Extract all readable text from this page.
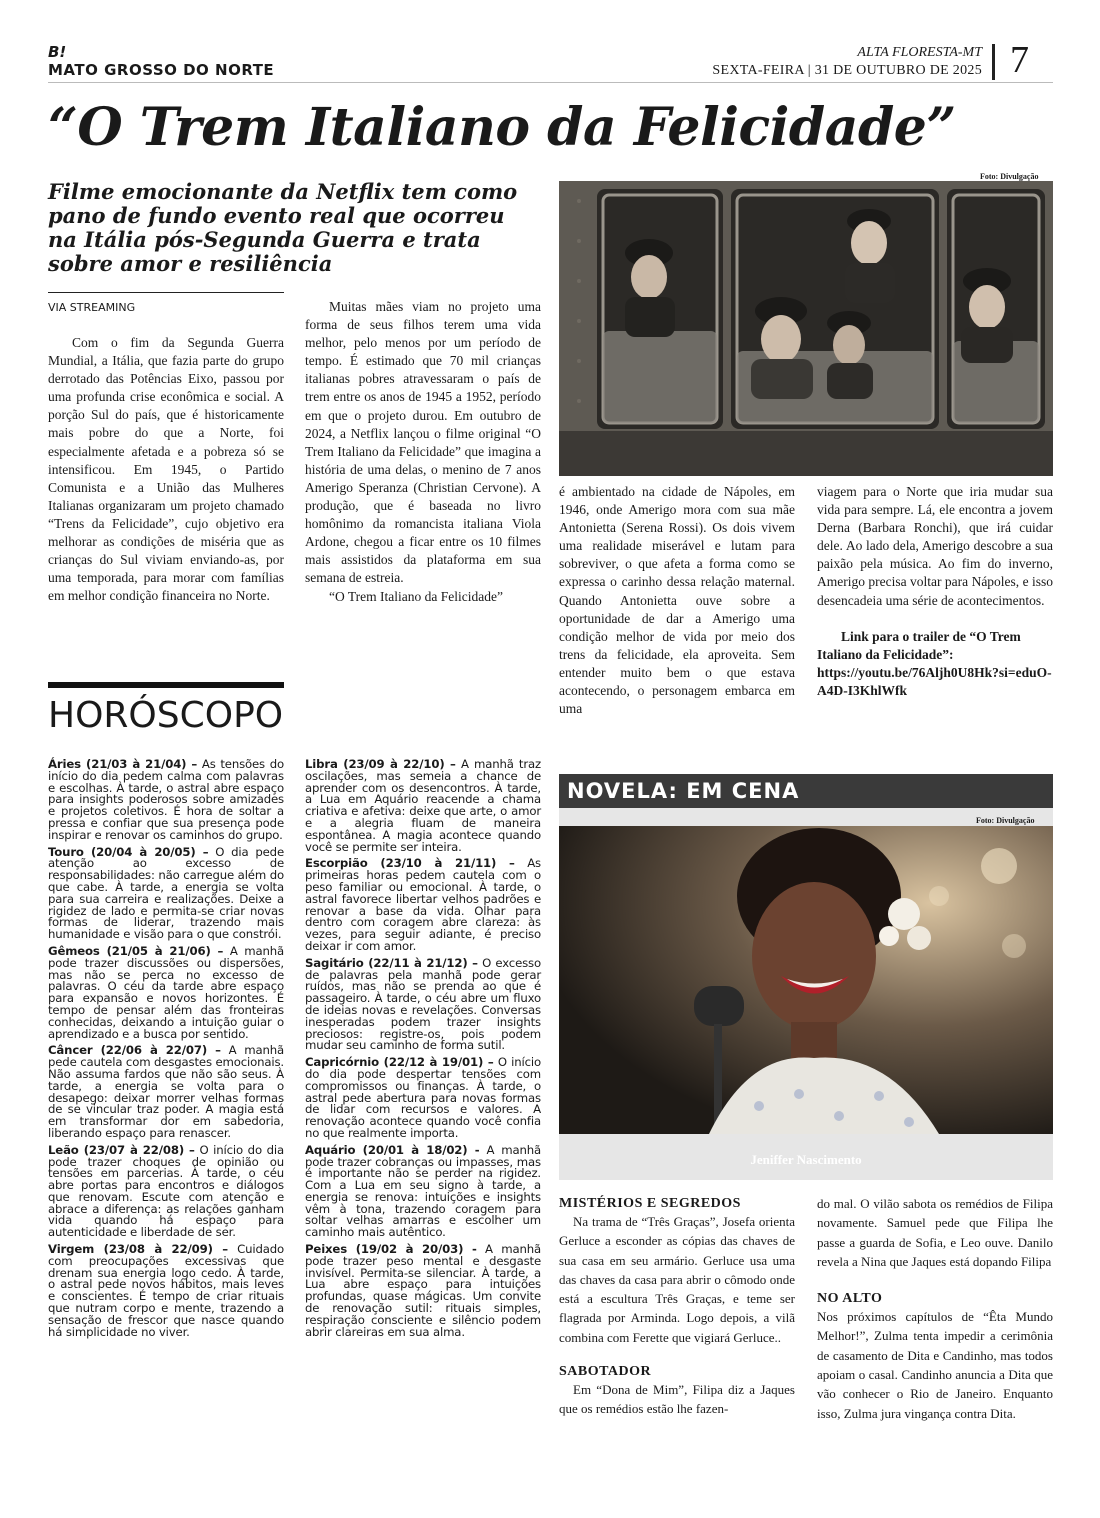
B!
MATO GROSSO DO NORTE
ALTA FLORESTA-MT
SEXTA-FEIRA | 31 DE OUTUBRO DE 2025 7
“O Trem Italiano da Felicidade”
Filme emocionante da Netflix tem como pano de fundo evento real que ocorreu na Itália pós-Segunda Guerra e trata sobre amor e resiliência
VIA STREAMING

Com o fim da Segunda Guerra Mundial, a Itália, que fazia parte do grupo derrotado das Potências Eixo, passou por uma profunda crise econômica e social. A porção Sul do país, que é historicamente mais pobre do que a Norte, foi especialmente afetada e a pobreza só se intensificou. Em 1945, o Partido Comunista e a União das Mulheres Italianas organizaram um projeto chamado “Trens da Felicidade”, cujo objetivo era melhorar as condições de miséria que as crianças do Sul viviam enviando-as, por uma temporada, para morar com famílias em melhor condição financeira no Norte.

Muitas mães viam no projeto uma forma de seus filhos terem uma vida melhor, pelo menos por um período de tempo. É estimado que 70 mil crianças italianas pobres atravessaram o país de trem entre os anos de 1945 a 1952, período em que o projeto durou. Em outubro de 2024, a Netflix lançou o filme original “O Trem Italiano da Felicidade” que imagina a história de uma delas, o menino de 7 anos Amerigo Speranza (Christian Cervone). A produção, que é baseada no livro homônimo da romancista italiana Viola Ardone, chegou a ficar entre os 10 filmes mais assistidos da plataforma em sua semana de estreia.

“O Trem Italiano da Felicidade”

é ambientado na cidade de Nápoles, em 1946, onde Amerigo mora com sua mãe Antonietta (Serena Rossi). Os dois vivem uma realidade miserável e lutam para sobreviver, o que afeta a forma como se expressa o carinho dessa relação maternal. Quando Antonietta ouve sobre a oportunidade de dar a Amerigo uma condição melhor de vida por meio dos trens da felicidade, ela aproveita. Sem entender muito bem o que estava acontecendo, o personagem embarca em uma

viagem para o Norte que iria mudar sua vida para sempre. Lá, ele encontra a jovem Derna (Barbara Ronchi), que irá cuidar dele. Ao lado dela, Amerigo descobre a sua paixão pela música. Ao fim do inverno, Amerigo precisa voltar para Nápoles, e isso desencadeia uma série de acontecimentos.

Link para o trailer de “O Trem Italiano da Felicidade”: https://youtu.be/76Aljh0U8Hk?si=eduO-A4D-I3KhlWfk

Foto: Divulgação
HORÓSCOPO

Áries (21/03 à 21/04) – As tensões do início do dia pedem calma com palavras e escolhas. À tarde, o astral abre espaço para insights poderosos sobre amizades e projetos coletivos. É hora de soltar a pressa e confiar que sua presença pode inspirar e renovar os caminhos do grupo.

Touro (20/04 à 20/05) – O dia pede atenção ao excesso de responsabilidades: não carregue além do que cabe. À tarde, a energia se volta para sua carreira e realizações. Deixe a rigidez de lado e permita-se criar novas formas de liderar, trazendo mais humanidade e visão para o que constrói.

Gêmeos (21/05 à 21/06) – A manhã pode trazer discussões ou dispersões, mas não se perca no excesso de palavras. O céu da tarde abre espaço para expansão e novos horizontes. É tempo de pensar além das fronteiras conhecidas, deixando a intuição guiar o aprendizado e a busca por sentido.

Câncer (22/06 à 22/07) – A manhã pede cautela com desgastes emocionais. Não assuma fardos que não são seus. À tarde, a energia se volta para o desapego: deixar morrer velhas formas de se vincular traz poder. A magia está em transformar dor em sabedoria, liberando espaço para renascer.

Leão (23/07 à 22/08) – O início do dia pode trazer choques de opinião ou tensões em parcerias. À tarde, o céu abre portas para encontros e diálogos que renovam. Escute com atenção e abrace a diferença: as relações ganham vida quando há espaço para autenticidade e liberdade de ser.

Virgem (23/08 à 22/09) – Cuidado com preocupações excessivas que drenam sua energia logo cedo. À tarde, o astral pede novos hábitos, mais leves e conscientes. É tempo de criar rituais que nutram corpo e mente, trazendo a sensação de frescor que nasce quando há simplicidade no viver.

Libra (23/09 à 22/10) – A manhã traz oscilações, mas semeia a chance de aprender com os desencontros. À tarde, a Lua em Aquário reacende a chama criativa e afetiva: deixe que arte, o amor e a alegria fluam de maneira espontânea. A magia acontece quando você se permite ser inteira.

Escorpião (23/10 à 21/11) – As primeiras horas pedem cautela com o peso familiar ou emocional. À tarde, o astral favorece libertar velhos padrões e renovar a base da vida. Olhar para dentro com coragem abre clareza: às vezes, para seguir adiante, é preciso deixar ir com amor.

Sagitário (22/11 à 21/12) – O excesso de palavras pela manhã pode gerar ruídos, mas não se prenda ao que é passageiro. À tarde, o céu abre um fluxo de ideias novas e revelações. Conversas inesperadas podem trazer insights preciosos: registre-os, pois podem mudar seu caminho de forma sutil.

Capricórnio (22/12 à 19/01) – O início do dia pode despertar tensões com compromissos ou finanças. À tarde, o astral pede abertura para novas formas de lidar com recursos e valores. A renovação acontece quando você confia no que realmente importa.

Aquário (20/01 à 18/02) - A manhã pode trazer cobranças ou impasses, mas é importante não se perder na rigidez. Com a Lua em seu signo à tarde, a energia se renova: intuições e insights vêm à tona, trazendo coragem para soltar velhas amarras e escolher um caminho mais autêntico.

Peixes (19/02 à 20/03) - A manhã pode trazer peso mental e desgaste invisível. Permita-se silenciar. À tarde, a Lua abre espaço para intuições profundas, quase mágicas. Um convite de renovação sutil: rituais simples, respiração consciente e silêncio podem abrir clareiras em sua alma.

NOVELA: EM CENA
Foto: Divulgação
Jeniffer Nascimento

MISTÉRIOS E SEGREDOS

Na trama de “Três Graças”, Josefa orienta Gerluce a esconder as cópias das chaves de sua casa em seu armário. Gerluce usa uma das chaves da casa para abrir o cômodo onde está a escultura Três Graças, e teme ser flagrada por Arminda. Logo depois, a vilã combina com Ferette que vigiará Gerluce..

SABOTADOR

Em “Dona de Mim”, Filipa diz a Jaques que os remédios estão lhe fazen-

do mal. O vilão sabota os remédios de Filipa novamente. Samuel pede que Filipa lhe passe a guarda de Sofia, e Leo ouve. Danilo revela a Nina que Jaques está dopando Filipa

NO ALTO

Nos próximos capítulos de “Êta Mundo Melhor!”, Zulma tenta impedir a cerimônia de casamento de Dita e Candinho, mas todos apoiam o casal. Candinho anuncia a Dita que vão conhecer o Rio de Janeiro. Enquanto isso, Zulma jura vingança contra Dita.
